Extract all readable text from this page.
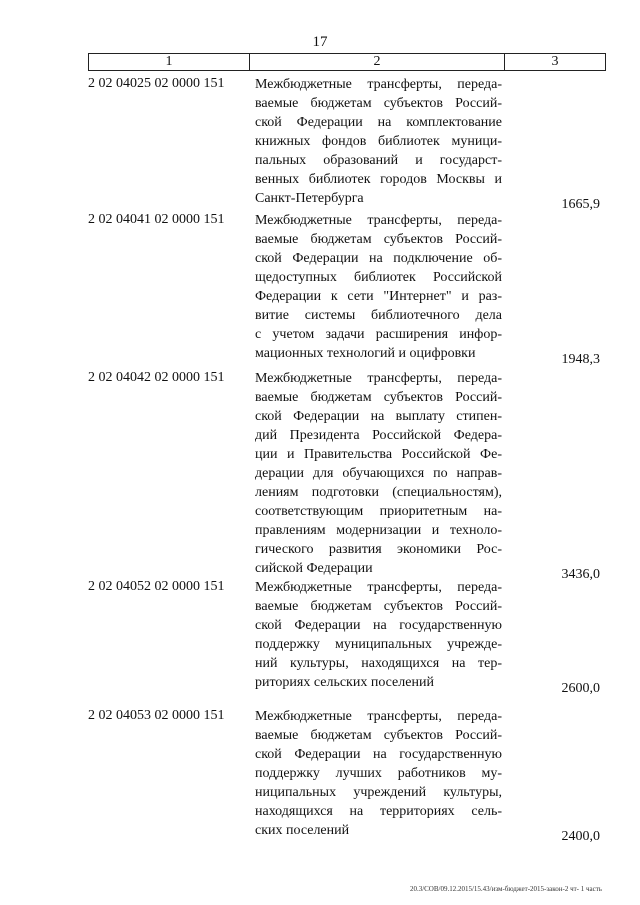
17
1	2	3
2 02 04025 02 0000 151 Межбюджетные трансферты, переда-
ваемые бюджетам субъектов Россий-
ской Федерации на комплектование
книжных фондов библиотек муници-
пальных образований и государст-
венных библиотек городов Москвы и
Санкт-Петербурга	1665,9
2 02 04041 02 0000 151 Межбюджетные трансферты, переда-
ваемые бюджетам субъектов Россий-
ской Федерации на подключение об-
щедоступных библиотек Российской
Федерации к сети "Интернет" и раз-
витие системы библиотечного дела
с учетом задачи расширения инфор-
мационных технологий и оцифровки	1948,3
2 02 04042 02 0000 151 Межбюджетные трансферты, переда-
ваемые бюджетам субъектов Россий-
ской Федерации на выплату стипен-
дий Президента Российской Федера-
ции и Правительства Российской Фе-
дерации для обучающихся по направ-
лениям подготовки (специальностям),
соответствующим приоритетным на-
правлениям модернизации и техноло-
гического развития экономики Рос-
сийской Федерации	3436,0
2 02 04052 02 0000 151 Межбюджетные трансферты, переда-
ваемые бюджетам субъектов Россий-
ской Федерации на государственную
поддержку муниципальных учрежде-
ний культуры, находящихся на тер-
риториях сельских поселений	2600,0
2 02 04053 02 0000 151 Межбюджетные трансферты, переда-
ваемые бюджетам субъектов Россий-
ской Федерации на государственную
поддержку лучших работников му-
ниципальных учреждений культуры,
находящихся на территориях сель-
ских поселений	2400,0
20.3/СОВ/09.12.2015/15.43/изм-бюджет-2015-закон-2 чт- 1 часть
